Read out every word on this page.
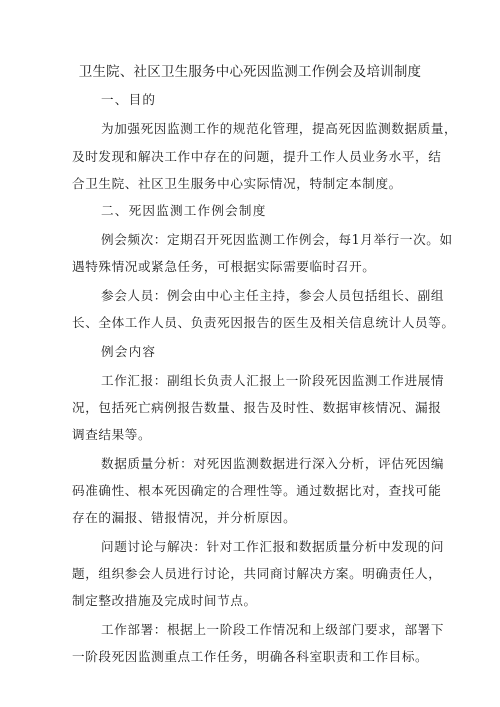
卫生院、社区卫生服务中心死因监测工作例会及培训制度
一、目的
为加强死因监测工作的规范化管理，提高死因监测数据质量，
及时发现和解决工作中存在的问题，提升工作人员业务水平，结
合卫生院、社区卫生服务中心实际情况，特制定本制度。
二、死因监测工作例会制度
例会频次：定期召开死因监测工作例会，每1月举行一次。如
遇特殊情况或紧急任务，可根据实际需要临时召开。
参会人员：例会由中心主任主持，参会人员包括组长、副组
长、全体工作人员、负责死因报告的医生及相关信息统计人员等。
例会内容
工作汇报：副组长负责人汇报上一阶段死因监测工作进展情
况，包括死亡病例报告数量、报告及时性、数据审核情况、漏报
调查结果等。
数据质量分析：对死因监测数据进行深入分析，评估死因编
码准确性、根本死因确定的合理性等。通过数据比对，查找可能
存在的漏报、错报情况，并分析原因。
问题讨论与解决：针对工作汇报和数据质量分析中发现的问
题，组织参会人员进行讨论，共同商讨解决方案。明确责任人，
制定整改措施及完成时间节点。
工作部署：根据上一阶段工作情况和上级部门要求，部署下
一阶段死因监测重点工作任务，明确各科室职责和工作目标。
